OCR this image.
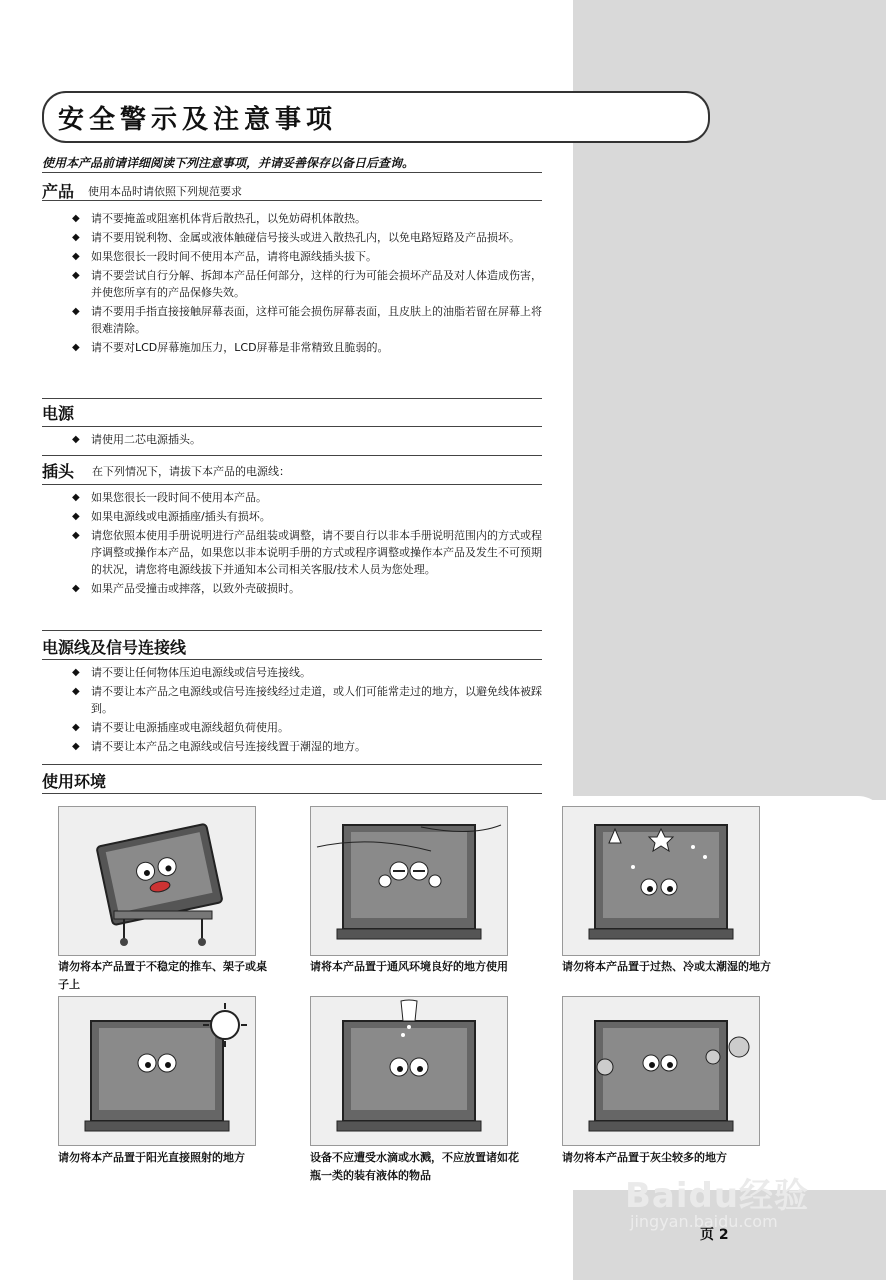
安全警示及注意事项
使用本产品前请详细阅读下列注意事项，并请妥善保存以备日后查询。
产品 使用本品时请依照下列规范要求
◆ 请不要掩盖或阻塞机体背后散热孔，以免妨碍机体散热。
◆ 请不要用锐利物、金属或液体触碰信号接头或进入散热孔内，以免电路短路及产品损坏。
◆ 如果您很长一段时间不使用本产品，请将电源线插头拔下。
◆ 请不要尝试自行分解、拆卸本产品任何部分，这样的行为可能会损坏产品及对人体造成伤害，并使您所享有的产品保修失效。
◆ 请不要用手指直接接触屏幕表面，这样可能会损伤屏幕表面，且皮肤上的油脂若留在屏幕上将很难清除。
◆ 请不要对LCD屏幕施加压力，LCD屏幕是非常精致且脆弱的。
电源
◆ 请使用二芯电源插头。
插头 在下列情况下，请拔下本产品的电源线：
◆ 如果您很长一段时间不使用本产品。
◆ 如果电源线或电源插座/插头有损坏。
◆ 请您依照本使用手册说明进行产品组装或调整，请不要自行以非本手册说明范围内的方式或程序调整或操作本产品，如果您以非本说明手册的方式或程序调整或操作本产品及发生不可预期的状况，请您将电源线拔下并通知本公司相关客服/技术人员为您处理。
◆ 如果产品受撞击或摔落，以致外壳破损时。
电源线及信号连接线
◆ 请不要让任何物体压迫电源线或信号连接线。
◆ 请不要让本产品之电源线或信号连接线经过走道，或人们可能常走过的地方，以避免线体被踩到。
◆ 请不要让电源插座或电源线超负荷使用。
◆ 请不要让本产品之电源线或信号连接线置于潮湿的地方。
使用环境
请勿将本产品置于不稳定的推车、架子或桌子上
请将本产品置于通风环境良好的地方使用	请勿将本产品置于过热、冷或太潮湿的地方
请勿将本产品置于阳光直接照射的地方	设备不应遭受水滴或水溅，不应放置诸如花瓶一类的装有液体的物品
请勿将本产品置于灰尘较多的地方
Baidu经验
jingyan.baidu.com
页 2
